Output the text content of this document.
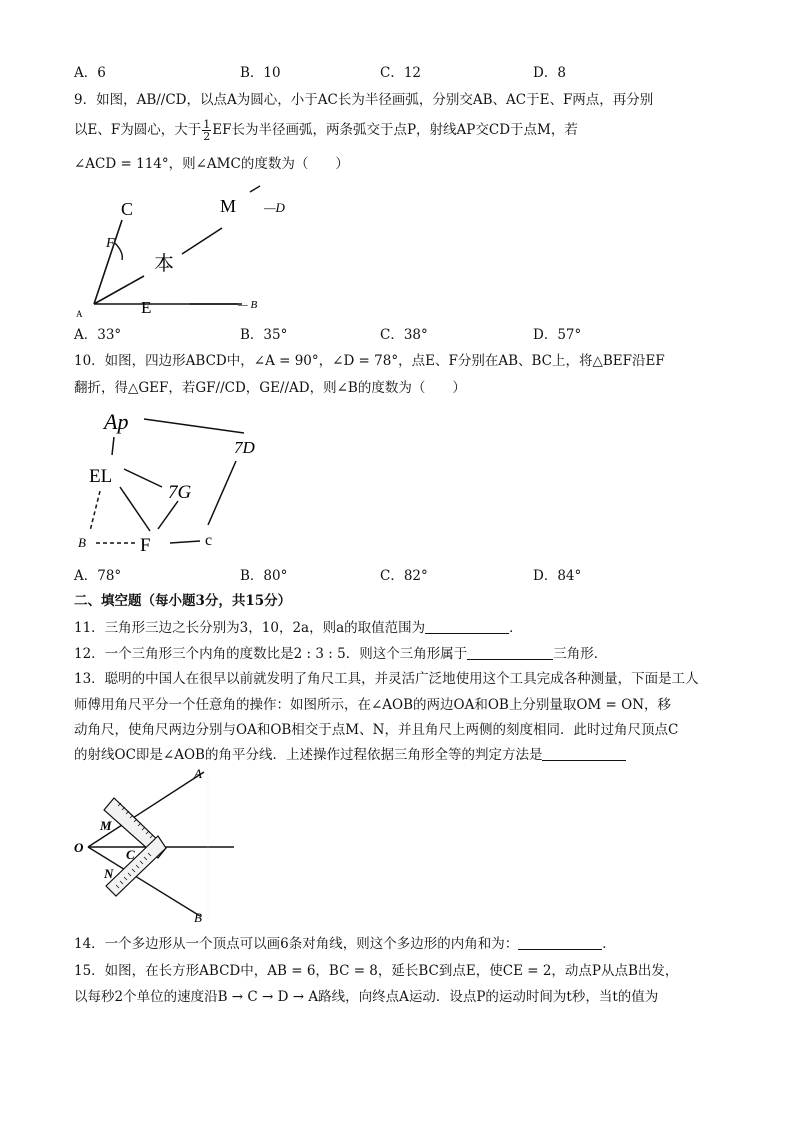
A．6	B．10	C．12	D．8
9．如图，AB//CD，以点A为圆心，小于AC长为半径画弧，分别交AB、AC于E、F两点，再分别
以E、F为圆心，大于 $\frac{1}{2}$ EF长为半径画弧，两条弧交于点P，射线AP交CD于点M，若
∠ACD = 114°，则∠AMC的度数为（　　）
C	M —D
F
本
A	E	— B
A．33°	B．35°	C．38°	D．57°
10．如图，四边形ABCD中，∠A = 90°，∠D = 78°，点E、F分别在AB、BC上，将△BEF沿EF
翻折，得△GEF，若GF//CD，GE//AD，则∠B的度数为（　　）
Ap
7D
EL
7G
B	F	c
A．78°	B．80°	C．82°	D．84°
二、填空题（每小题3分，共15分）
11．三角形三边之长分别为3，10，2a，则a的取值范围为	．
12．一个三角形三个内角的度数比是2 : 3 : 5．则这个三角形属于	三角形．
13．聪明的中国人在很早以前就发明了角尺工具，并灵活广泛地使用这个工具完成各种测量，下面是工人
师傅用角尺平分一个任意角的操作：如图所示，在∠AOB的两边OA和OB上分别量取OM = ON，移
动角尺，使角尺两边分别与OA和OB相交于点M、N，并且角尺上两侧的刻度相同．此时过角尺顶点C
的射线OC即是∠AOB的角平分线．上述操作过程依据三角形全等的判定方法是
A
M
O	C
N
B
14．一个多边形从一个顶点可以画6条对角线，则这个多边形的内角和为：	．
15．如图，在长方形ABCD中，AB = 6，BC = 8，延长BC到点E，使CE = 2，动点P从点B出发，
以每秒2个单位的速度沿B → C → D → A路线，向终点A运动．设点P的运动时间为t秒，当t的值为
